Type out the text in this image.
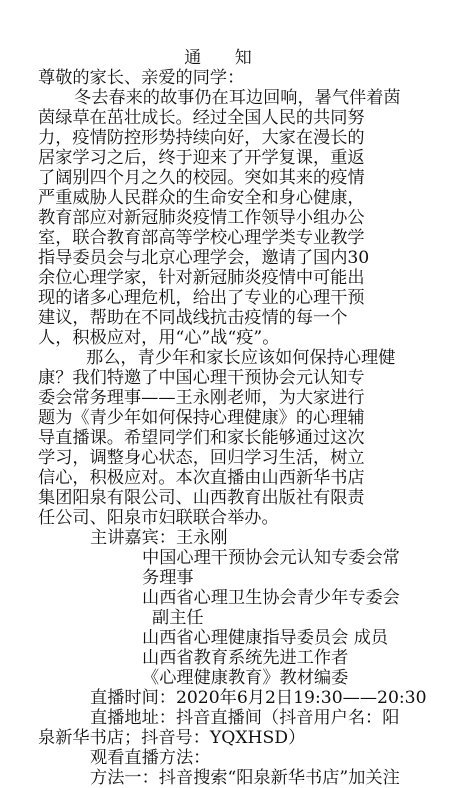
通 知
尊敬的家长、亲爱的同学：
冬去春来的故事仍在耳边回响，暑气伴着茵
茵绿草在茁壮成长。经过全国人民的共同努
力，疫情防控形势持续向好，大家在漫长的
居家学习之后，终于迎来了开学复课，重返
了阔别四个月之久的校园。突如其来的疫情
严重威胁人民群众的生命安全和身心健康，
教育部应对新冠肺炎疫情工作领导小组办公
室，联合教育部高等学校心理学类专业教学
指导委员会与北京心理学会，邀请了国内30
余位心理学家，针对新冠肺炎疫情中可能出
现的诸多心理危机，给出了专业的心理干预
建议，帮助在不同战线抗击疫情的每一个
人，积极应对，用“心”战“疫”。
那么，青少年和家长应该如何保持心理健
康？我们特邀了中国心理干预协会元认知专
委会常务理事——王永刚老师，为大家进行
题为《青少年如何保持心理健康》的心理辅
导直播课。希望同学们和家长能够通过这次
学习，调整身心状态，回归学习生活，树立
信心，积极应对。本次直播由山西新华书店
集团阳泉有限公司、山西教育出版社有限责
任公司、阳泉市妇联联合举办。
主讲嘉宾：王永刚
中国心理干预协会元认知专委会常
务理事
山西省心理卫生协会青少年专委会
副主任
山西省心理健康指导委员会 成员
山西省教育系统先进工作者
《心理健康教育》教材编委
直播时间：2020年6月2日19:30——20:30
直播地址：抖音直播间（抖音用户名：阳
泉新华书店；抖音号：YQXHSD）
观看直播方法：
方法一：抖音搜索“阳泉新华书店”加关注
